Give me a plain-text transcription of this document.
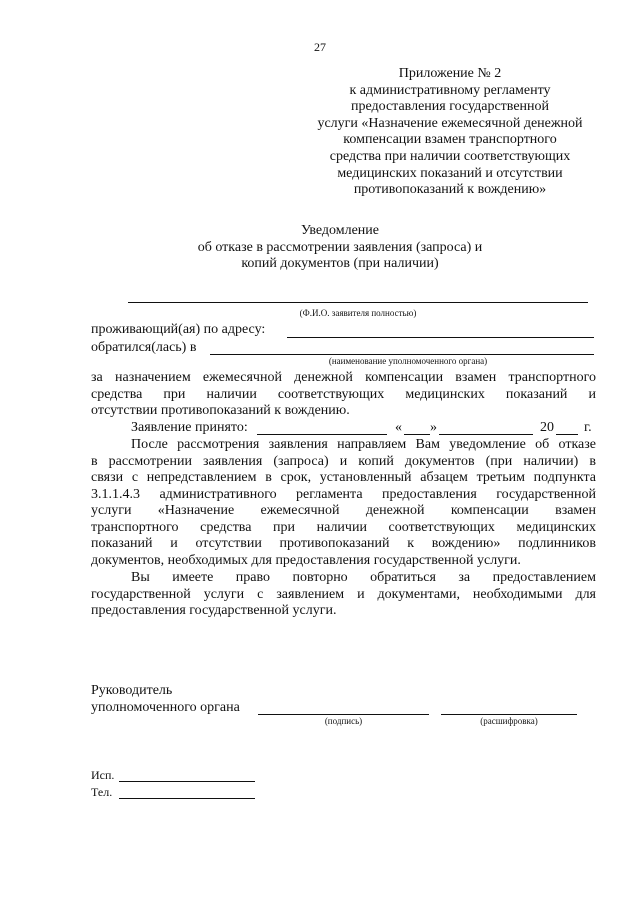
27
Приложение № 2
к административному регламенту
предоставления государственной
услуги «Назначение ежемесячной денежной
компенсации взамен транспортного
средства при наличии соответствующих
медицинских показаний и отсутствии
противопоказаний к вождению»
Уведомление
об отказе в рассмотрении заявления (запроса) и
копий документов (при наличии)
(Ф.И.О. заявителя полностью)
проживающий(ая) по адресу:
обратился(лась) в
(наименование уполномоченного органа)
за назначением ежемесячной денежной компенсации взамен транспортного
средства при наличии соответствующих медицинских показаний и
отсутствии противопоказаний к вождению.
Заявление принято:	« »	20 г.
После рассмотрения заявления направляем Вам уведомление об отказе
в рассмотрении заявления (запроса) и копий документов (при наличии) в
связи с непредставлением в срок, установленный абзацем третьим подпункта
3.1.1.4.3 административного регламента предоставления государственной
услуги «Назначение ежемесячной денежной компенсации взамен
транспортного средства при наличии соответствующих медицинских
показаний и отсутствии противопоказаний к вождению» подлинников
документов, необходимых для предоставления государственной услуги.
Вы имеете право повторно обратиться за предоставлением
государственной услуги с заявлением и документами, необходимыми для
предоставления государственной услуги.
Руководитель
уполномоченного органа
(подпись)	(расшифровка)
Исп.
Тел.
